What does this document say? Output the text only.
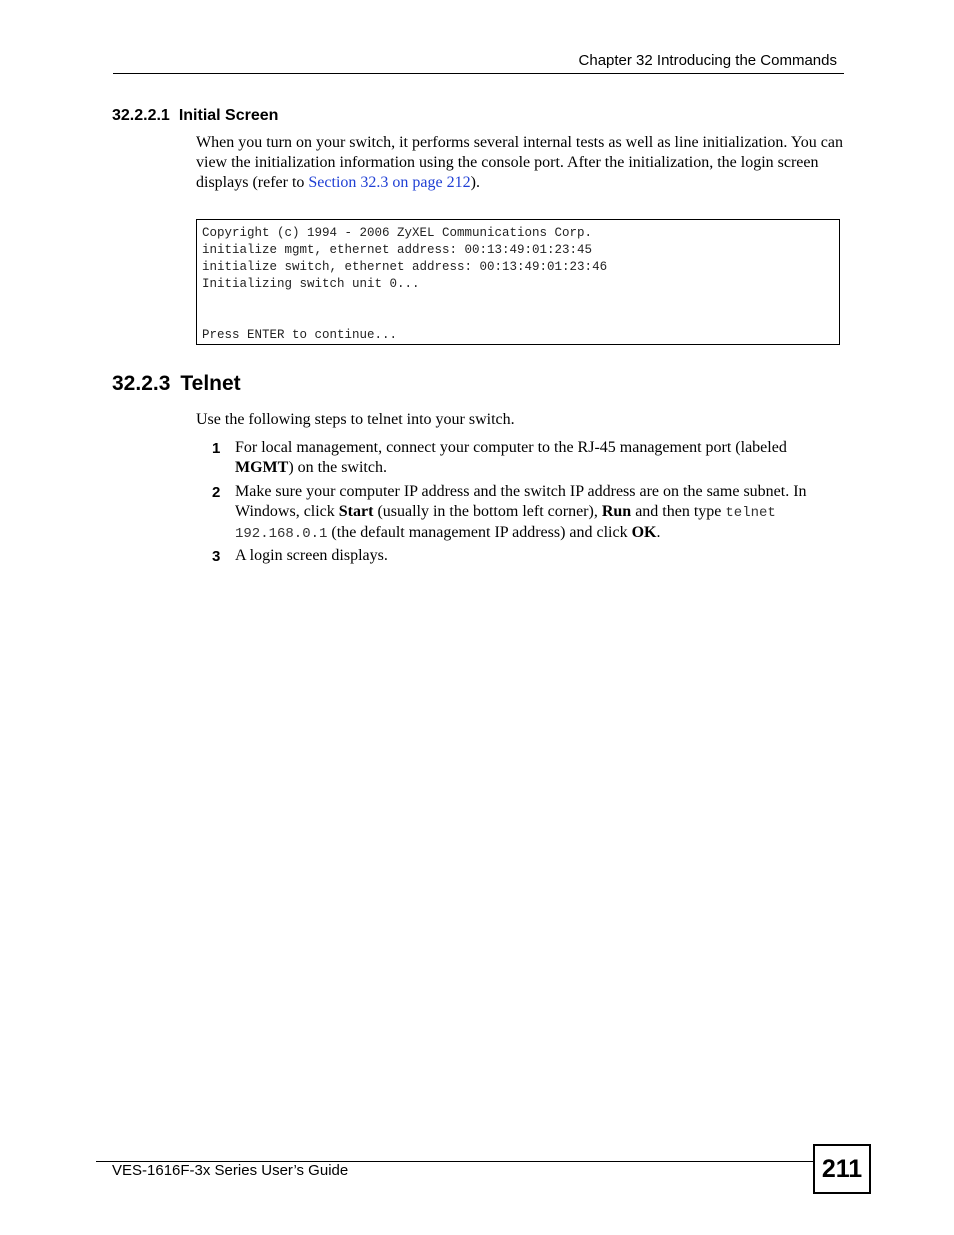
Chapter 32 Introducing the Commands
32.2.2.1 Initial Screen
When you turn on your switch, it performs several internal tests as well as line initialization. You can view the initialization information using the console port. After the initialization, the login screen displays (refer to Section 32.3 on page 212).
Copyright (c) 1994 - 2006 ZyXEL Communications Corp.
initialize mgmt, ethernet address: 00:13:49:01:23:45
initialize switch, ethernet address: 00:13:49:01:23:46
Initializing switch unit 0...
Press ENTER to continue...
32.2.3 Telnet
Use the following steps to telnet into your switch.
1 For local management, connect your computer to the RJ-45 management port (labeled MGMT) on the switch.
2 Make sure your computer IP address and the switch IP address are on the same subnet. In Windows, click Start (usually in the bottom left corner), Run and then type telnet 192.168.0.1 (the default management IP address) and click OK.
3 A login screen displays.
VES-1616F-3x Series User’s Guide	211
